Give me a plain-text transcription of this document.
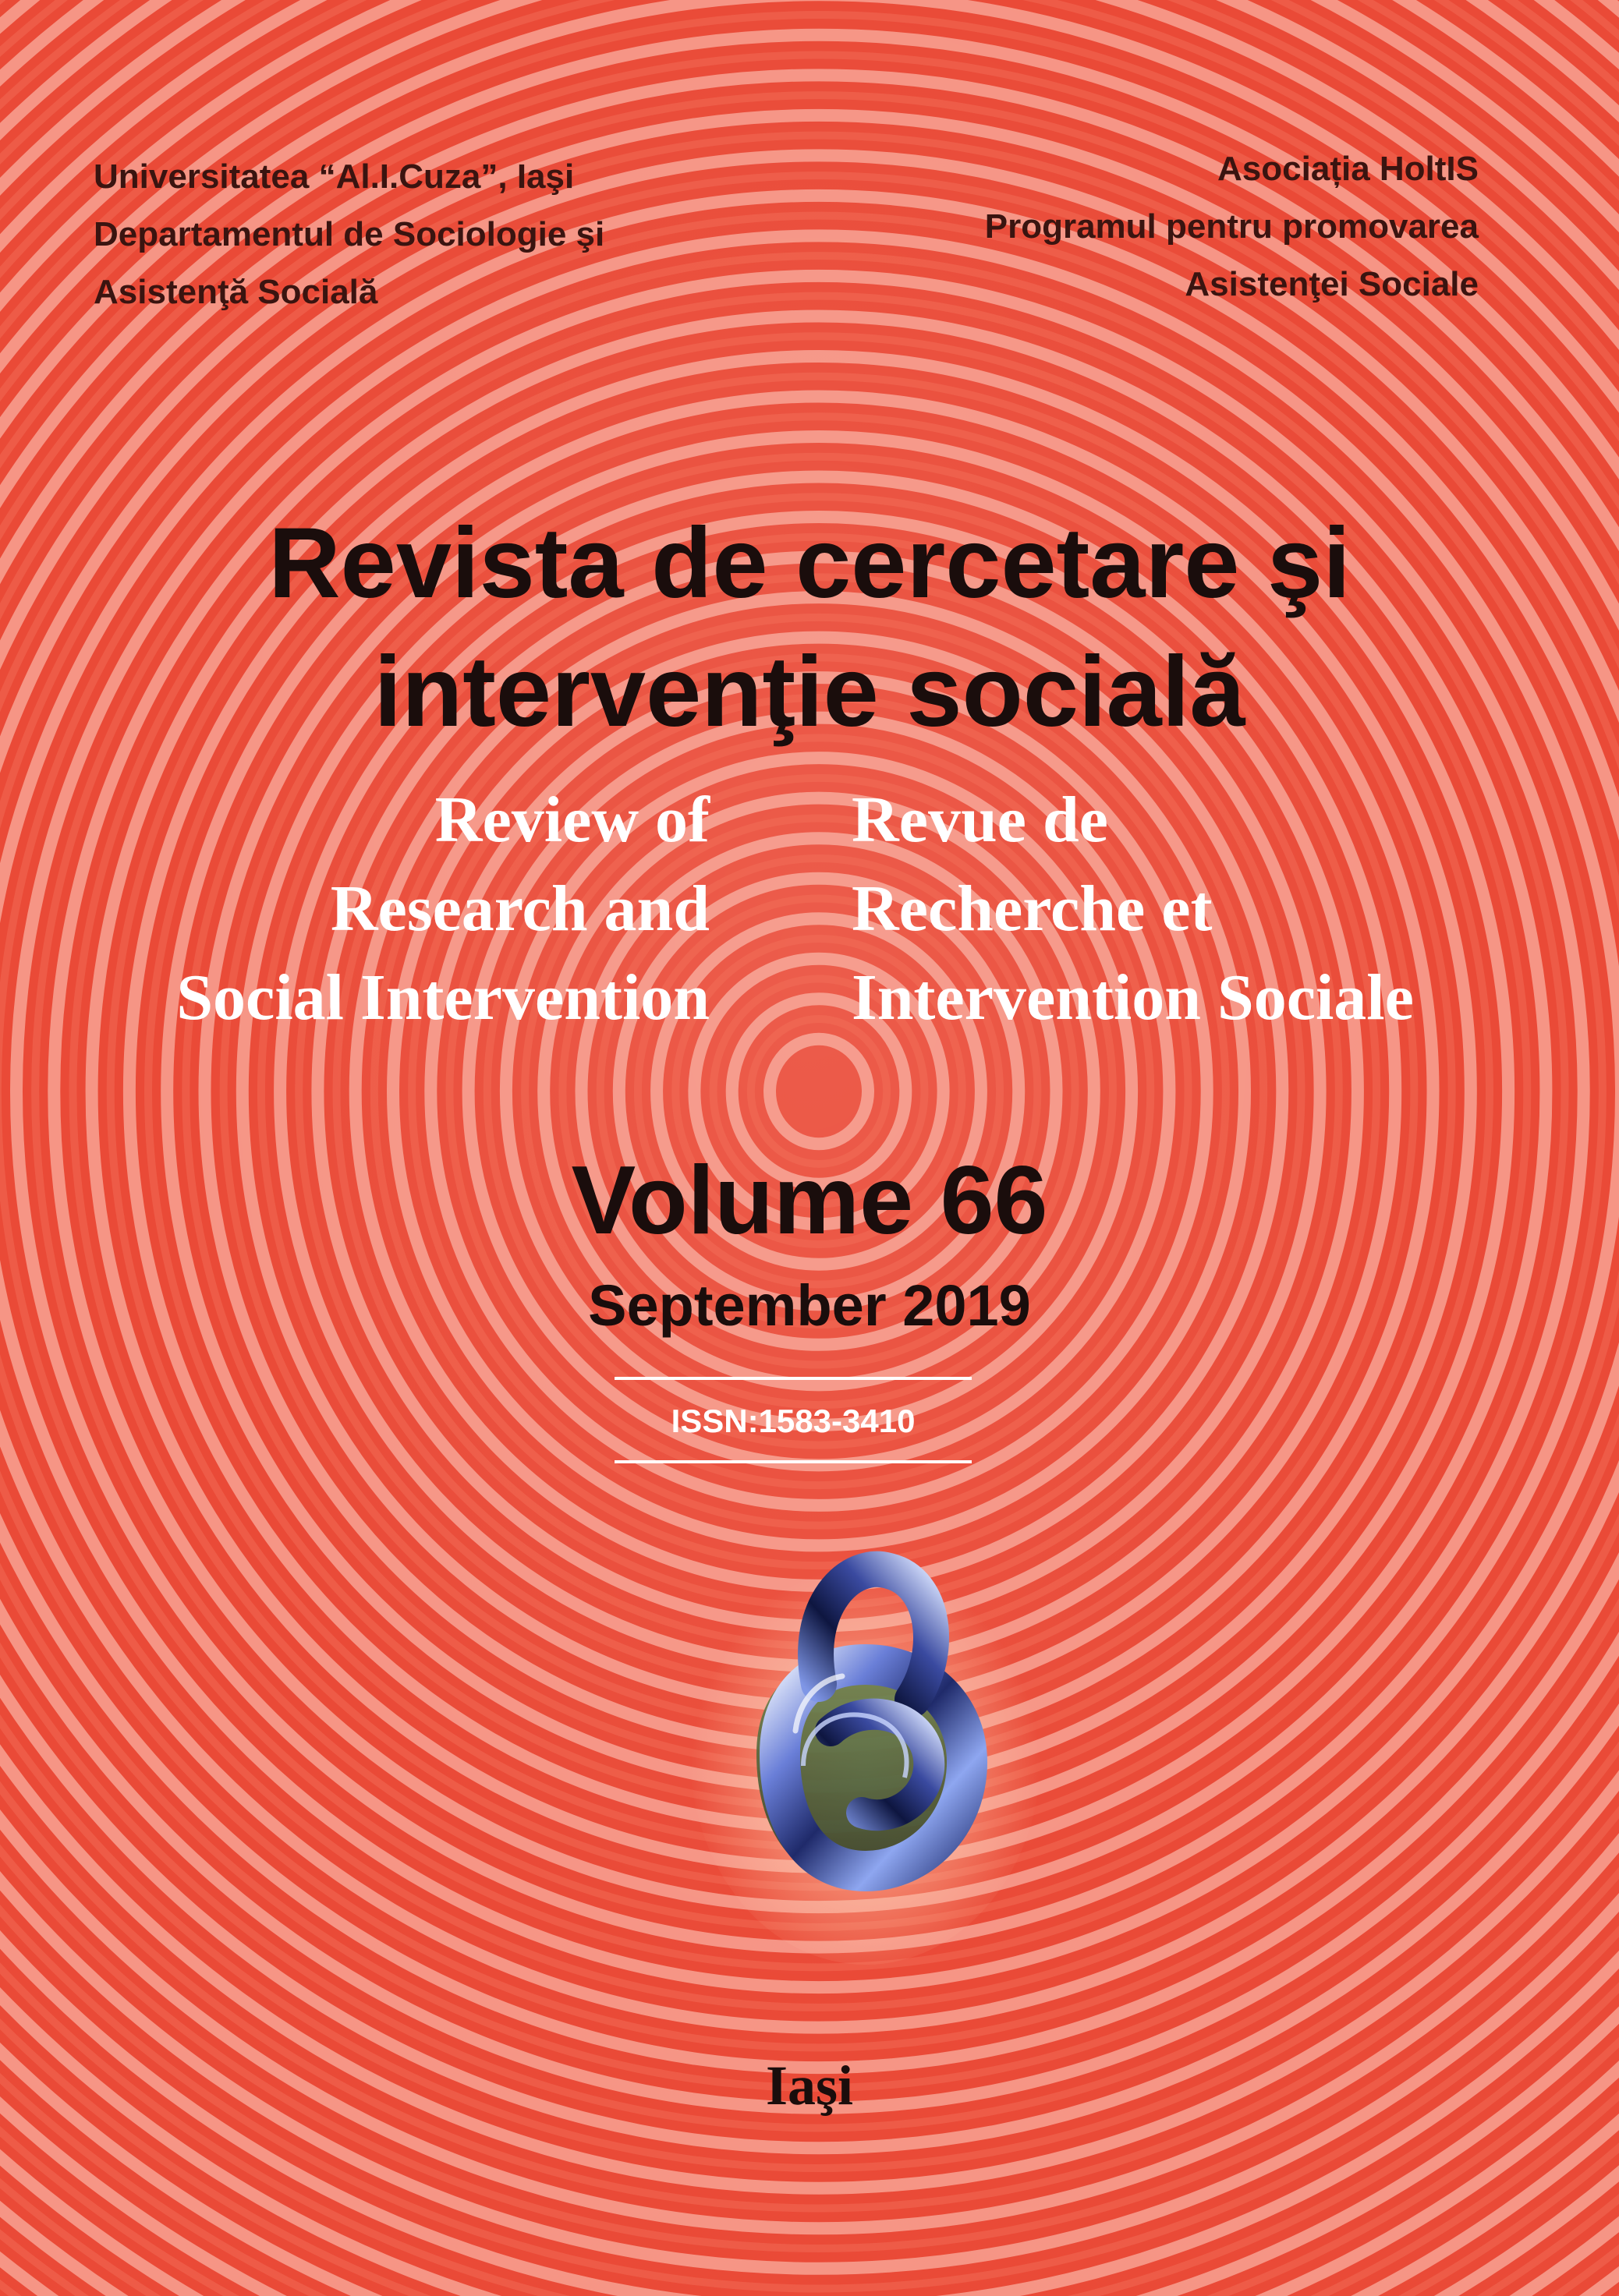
Universitatea “Al.I.Cuza”, Iaşi
Departamentul de Sociologie şi
Asistenţă Socială
Asociația HoltIS
Programul pentru promovarea
Asistenţei Sociale
Revista de cercetare şi
intervenţie socială
Review of
Research and
Social Intervention
Revue de
Recherche et
Intervention Sociale
Volume 66
September 2019
ISSN:1583-3410
Iaşi
